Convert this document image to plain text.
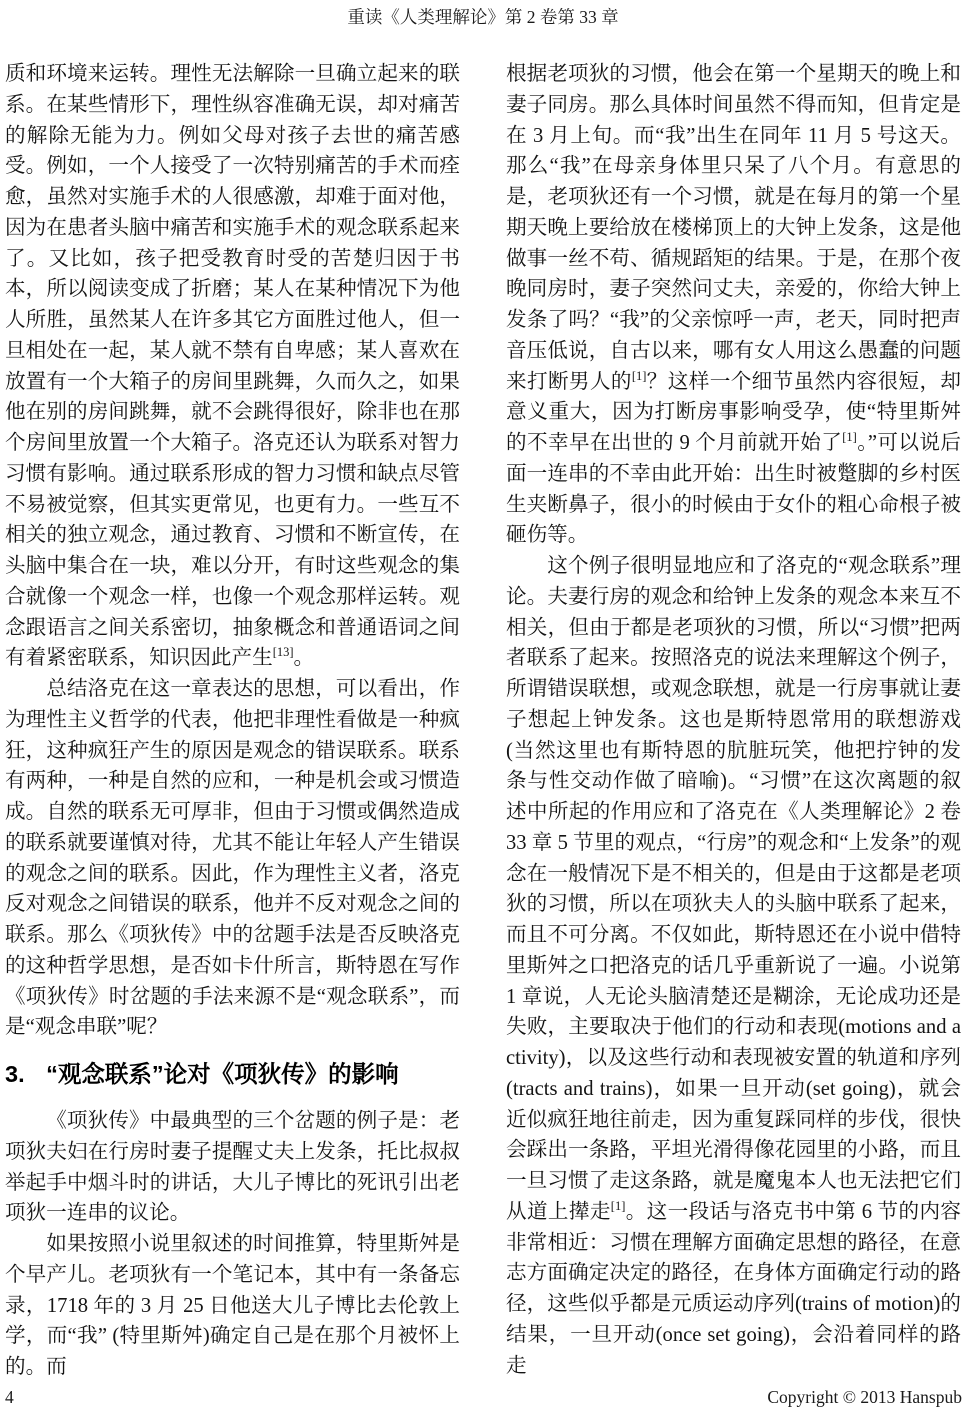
重读《人类理解论》第 2 卷第 33 章

质和环境来运转。理性无法解除一旦确立起来的联系。在某些情形下，理性纵容准确无误，却对痛苦的解除无能为力。例如父母对孩子去世的痛苦感受。例如，一个人接受了一次特别痛苦的手术而痊愈，虽然对实施手术的人很感激，却难于面对他，因为在患者头脑中痛苦和实施手术的观念联系起来了。又比如，孩子把受教育时受的苦楚归因于书本，所以阅读变成了折磨；某人在某种情况下为他人所胜，虽然某人在许多其它方面胜过他人，但一旦相处在一起，某人就不禁有自卑感；某人喜欢在放置有一个大箱子的房间里跳舞，久而久之，如果他在别的房间跳舞，就不会跳得很好，除非也在那个房间里放置一个大箱子。洛克还认为联系对智力习惯有影响。通过联系形成的智力习惯和缺点尽管不易被觉察，但其实更常见，也更有力。一些互不相关的独立观念，通过教育、习惯和不断宣传，在头脑中集合在一块，难以分开，有时这些观念的集合就像一个观念一样，也像一个观念那样运转。观念跟语言之间关系密切，抽象概念和普通语词之间有着紧密联系，知识因此产生[13]。

总结洛克在这一章表达的思想，可以看出，作为理性主义哲学的代表，他把非理性看做是一种疯狂，这种疯狂产生的原因是观念的错误联系。联系有两种，一种是自然的应和，一种是机会或习惯造成。自然的联系无可厚非，但由于习惯或偶然造成的联系就要谨慎对待，尤其不能让年轻人产生错误的观念之间的联系。因此，作为理性主义者，洛克反对观念之间错误的联系，他并不反对观念之间的联系。那么《项狄传》中的岔题手法是否反映洛克的这种哲学思想，是否如卡什所言，斯特恩在写作《项狄传》时岔题的手法来源不是“观念联系”，而是“观念串联”呢？

3. “观念联系”论对《项狄传》的影响

《项狄传》中最典型的三个岔题的例子是：老项狄夫妇在行房时妻子提醒丈夫上发条，托比叔叔举起手中烟斗时的讲话，大儿子博比的死讯引出老项狄一连串的议论。

如果按照小说里叙述的时间推算，特里斯舛是个早产儿。老项狄有一个笔记本，其中有一条备忘录，1718 年的 3 月 25 日他送大儿子博比去伦敦上学，而“我” (特里斯舛)确定自己是在那个月被怀上的。而

根据老项狄的习惯，他会在第一个星期天的晚上和妻子同房。那么具体时间虽然不得而知，但肯定是在 3 月上旬。而“我”出生在同年 11 月 5 号这天。那么“我”在母亲身体里只呆了八个月。有意思的是，老项狄还有一个习惯，就是在每月的第一个星期天晚上要给放在楼梯顶上的大钟上发条，这是他做事一丝不苟、循规蹈矩的结果。于是，在那个夜晚同房时，妻子突然问丈夫，亲爱的，你给大钟上发条了吗？“我”的父亲惊呼一声，老天，同时把声音压低说，自古以来，哪有女人用这么愚蠢的问题来打断男人的[1]？这样一个细节虽然内容很短，却意义重大，因为打断房事影响受孕，使“特里斯舛的不幸早在出世的 9 个月前就开始了[1]。”可以说后面一连串的不幸由此开始：出生时被蹩脚的乡村医生夹断鼻子，很小的时候由于女仆的粗心命根子被砸伤等。

这个例子很明显地应和了洛克的“观念联系”理论。夫妻行房的观念和给钟上发条的观念本来互不相关，但由于都是老项狄的习惯，所以“习惯”把两者联系了起来。按照洛克的说法来理解这个例子，所谓错误联想，或观念联想，就是一行房事就让妻子想起上钟发条。这也是斯特恩常用的联想游戏(当然这里也有斯特恩的肮脏玩笑，他把拧钟的发条与性交动作做了暗喻)。“习惯”在这次离题的叙述中所起的作用应和了洛克在《人类理解论》2 卷 33 章 5 节里的观点，“行房”的观念和“上发条”的观念在一般情况下是不相关的，但是由于这都是老项狄的习惯，所以在项狄夫人的头脑中联系了起来，而且不可分离。不仅如此，斯特恩还在小说中借特里斯舛之口把洛克的话几乎重新说了一遍。小说第 1 章说，人无论头脑清楚还是糊涂，无论成功还是失败，主要取决于他们的行动和表现(motions and activity)，以及这些行动和表现被安置的轨道和序列(tracts and trains)，如果一旦开动(set going)，就会近似疯狂地往前走，因为重复踩同样的步伐，很快会踩出一条路，平坦光滑得像花园里的小路，而且一旦习惯了走这条路，就是魔鬼本人也无法把它们从道上撵走[1]。这一段话与洛克书中第 6 节的内容非常相近：习惯在理解方面确定思想的路径，在意志方面确定决定的路径，在身体方面确定行动的路径，这些似乎都是元质运动序列(trains of motion)的结果，一旦开动(once set going)，会沿着同样的路走

4	Copyright © 2013 Hanspub
